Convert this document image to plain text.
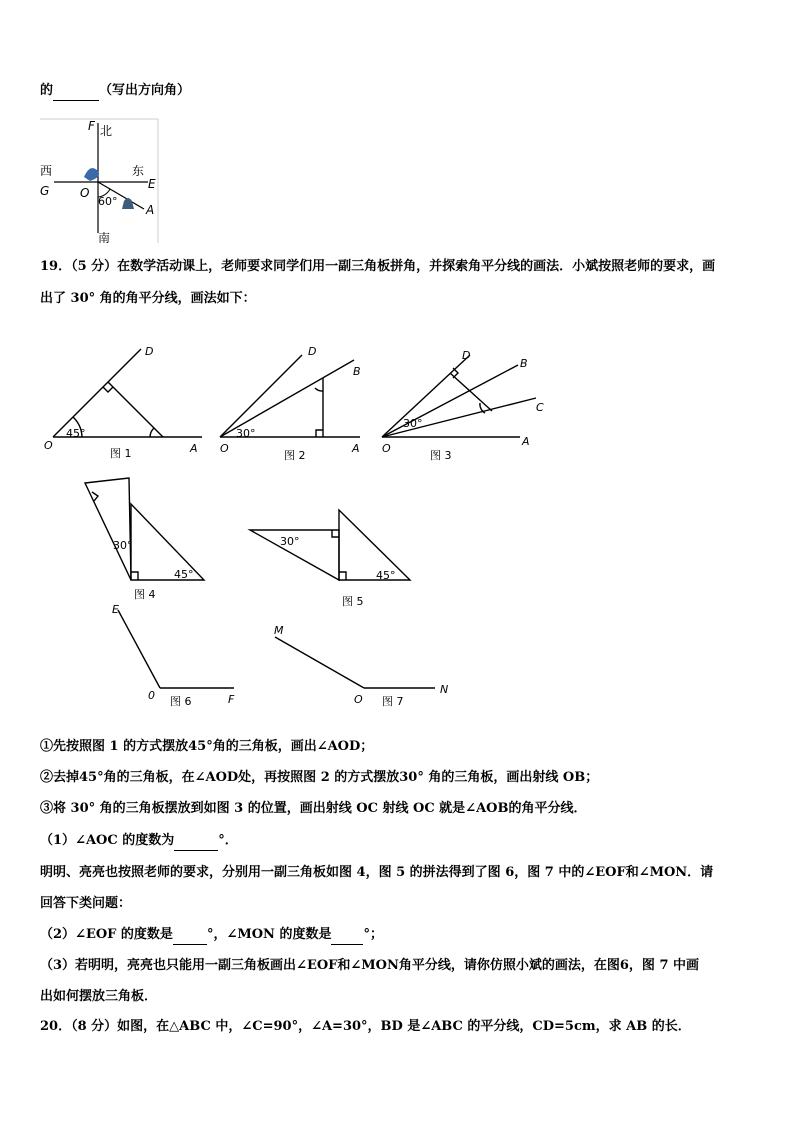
的	（写出方向角）
F 北
西	东
G	E
O
60°
A
南
19．（5 分）在数学活动课上，老师要求同学们用一副三角板拼角，并探索角平分线的画法．小斌按照老师的要求，画
出了 30° 角的角平分线，画法如下：
D
45°
O	A
图 1
D
B
30°
O	A
图 2
D
B
C
30°
O
A
图 3
30°
45°
图 4
30°
45°
图 5
E
0	F
图 6
M
O
N
图 7
①先按照图 1 的方式摆放45°角的三角板，画出∠AOD；
②去掉45°角的三角板，在∠AOD处，再按照图 2 的方式摆放30° 角的三角板，画出射线 OB；
③将 30° 角的三角板摆放到如图 3 的位置，画出射线 OC 射线 OC 就是∠AOB的角平分线．
（1）∠AOC 的度数为	°．
明明、亮亮也按照老师的要求，分别用一副三角板如图 4，图 5 的拼法得到了图 6，图 7 中的∠EOF和∠MON．请
回答下类问题：
（2）∠EOF 的度数是	°，∠MON 的度数是 °；
（3）若明明，亮亮也只能用一副三角板画出∠EOF和∠MON角平分线，请你仿照小斌的画法，在图6，图 7 中画
出如何摆放三角板．
20．（8 分）如图，在△ABC 中，∠C=90°，∠A=30°，BD 是∠ABC 的平分线，CD=5cm，求 AB 的长．
